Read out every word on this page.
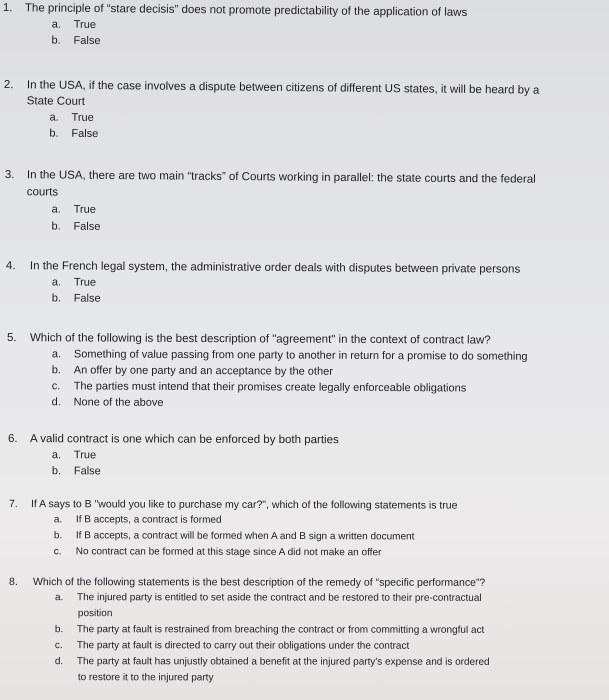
1. The principle of “stare decisis” does not promote predictability of the application of laws
a. True
b. False
2. In the USA, if the case involves a dispute between citizens of different US states, it will be heard by a
State Court
a. True
b. False
3. In the USA, there are two main “tracks” of Courts working in parallel: the state courts and the federal
courts
a. True
b. False
4. In the French legal system, the administrative order deals with disputes between private persons
a. True
b. False
5. Which of the following is the best description of "agreement" in the context of contract law?
a. Something of value passing from one party to another in return for a promise to do something
b. An offer by one party and an acceptance by the other
c. The parties must intend that their promises create legally enforceable obligations
d. None of the above
6. A valid contract is one which can be enforced by both parties
a. True
b. False
7. If A says to B "would you like to purchase my car?", which of the following statements is true
a. If B accepts, a contract is formed
b. If B accepts, a contract will be formed when A and B sign a written document
c. No contract can be formed at this stage since A did not make an offer
8. Which of the following statements is the best description of the remedy of “specific performance”?
a. The injured party is entitled to set aside the contract and be restored to their pre-contractual
position
b. The party at fault is restrained from breaching the contract or from committing a wrongful act
c. The party at fault is directed to carry out their obligations under the contract
d. The party at fault has unjustly obtained a benefit at the injured party's expense and is ordered
to restore it to the injured party
